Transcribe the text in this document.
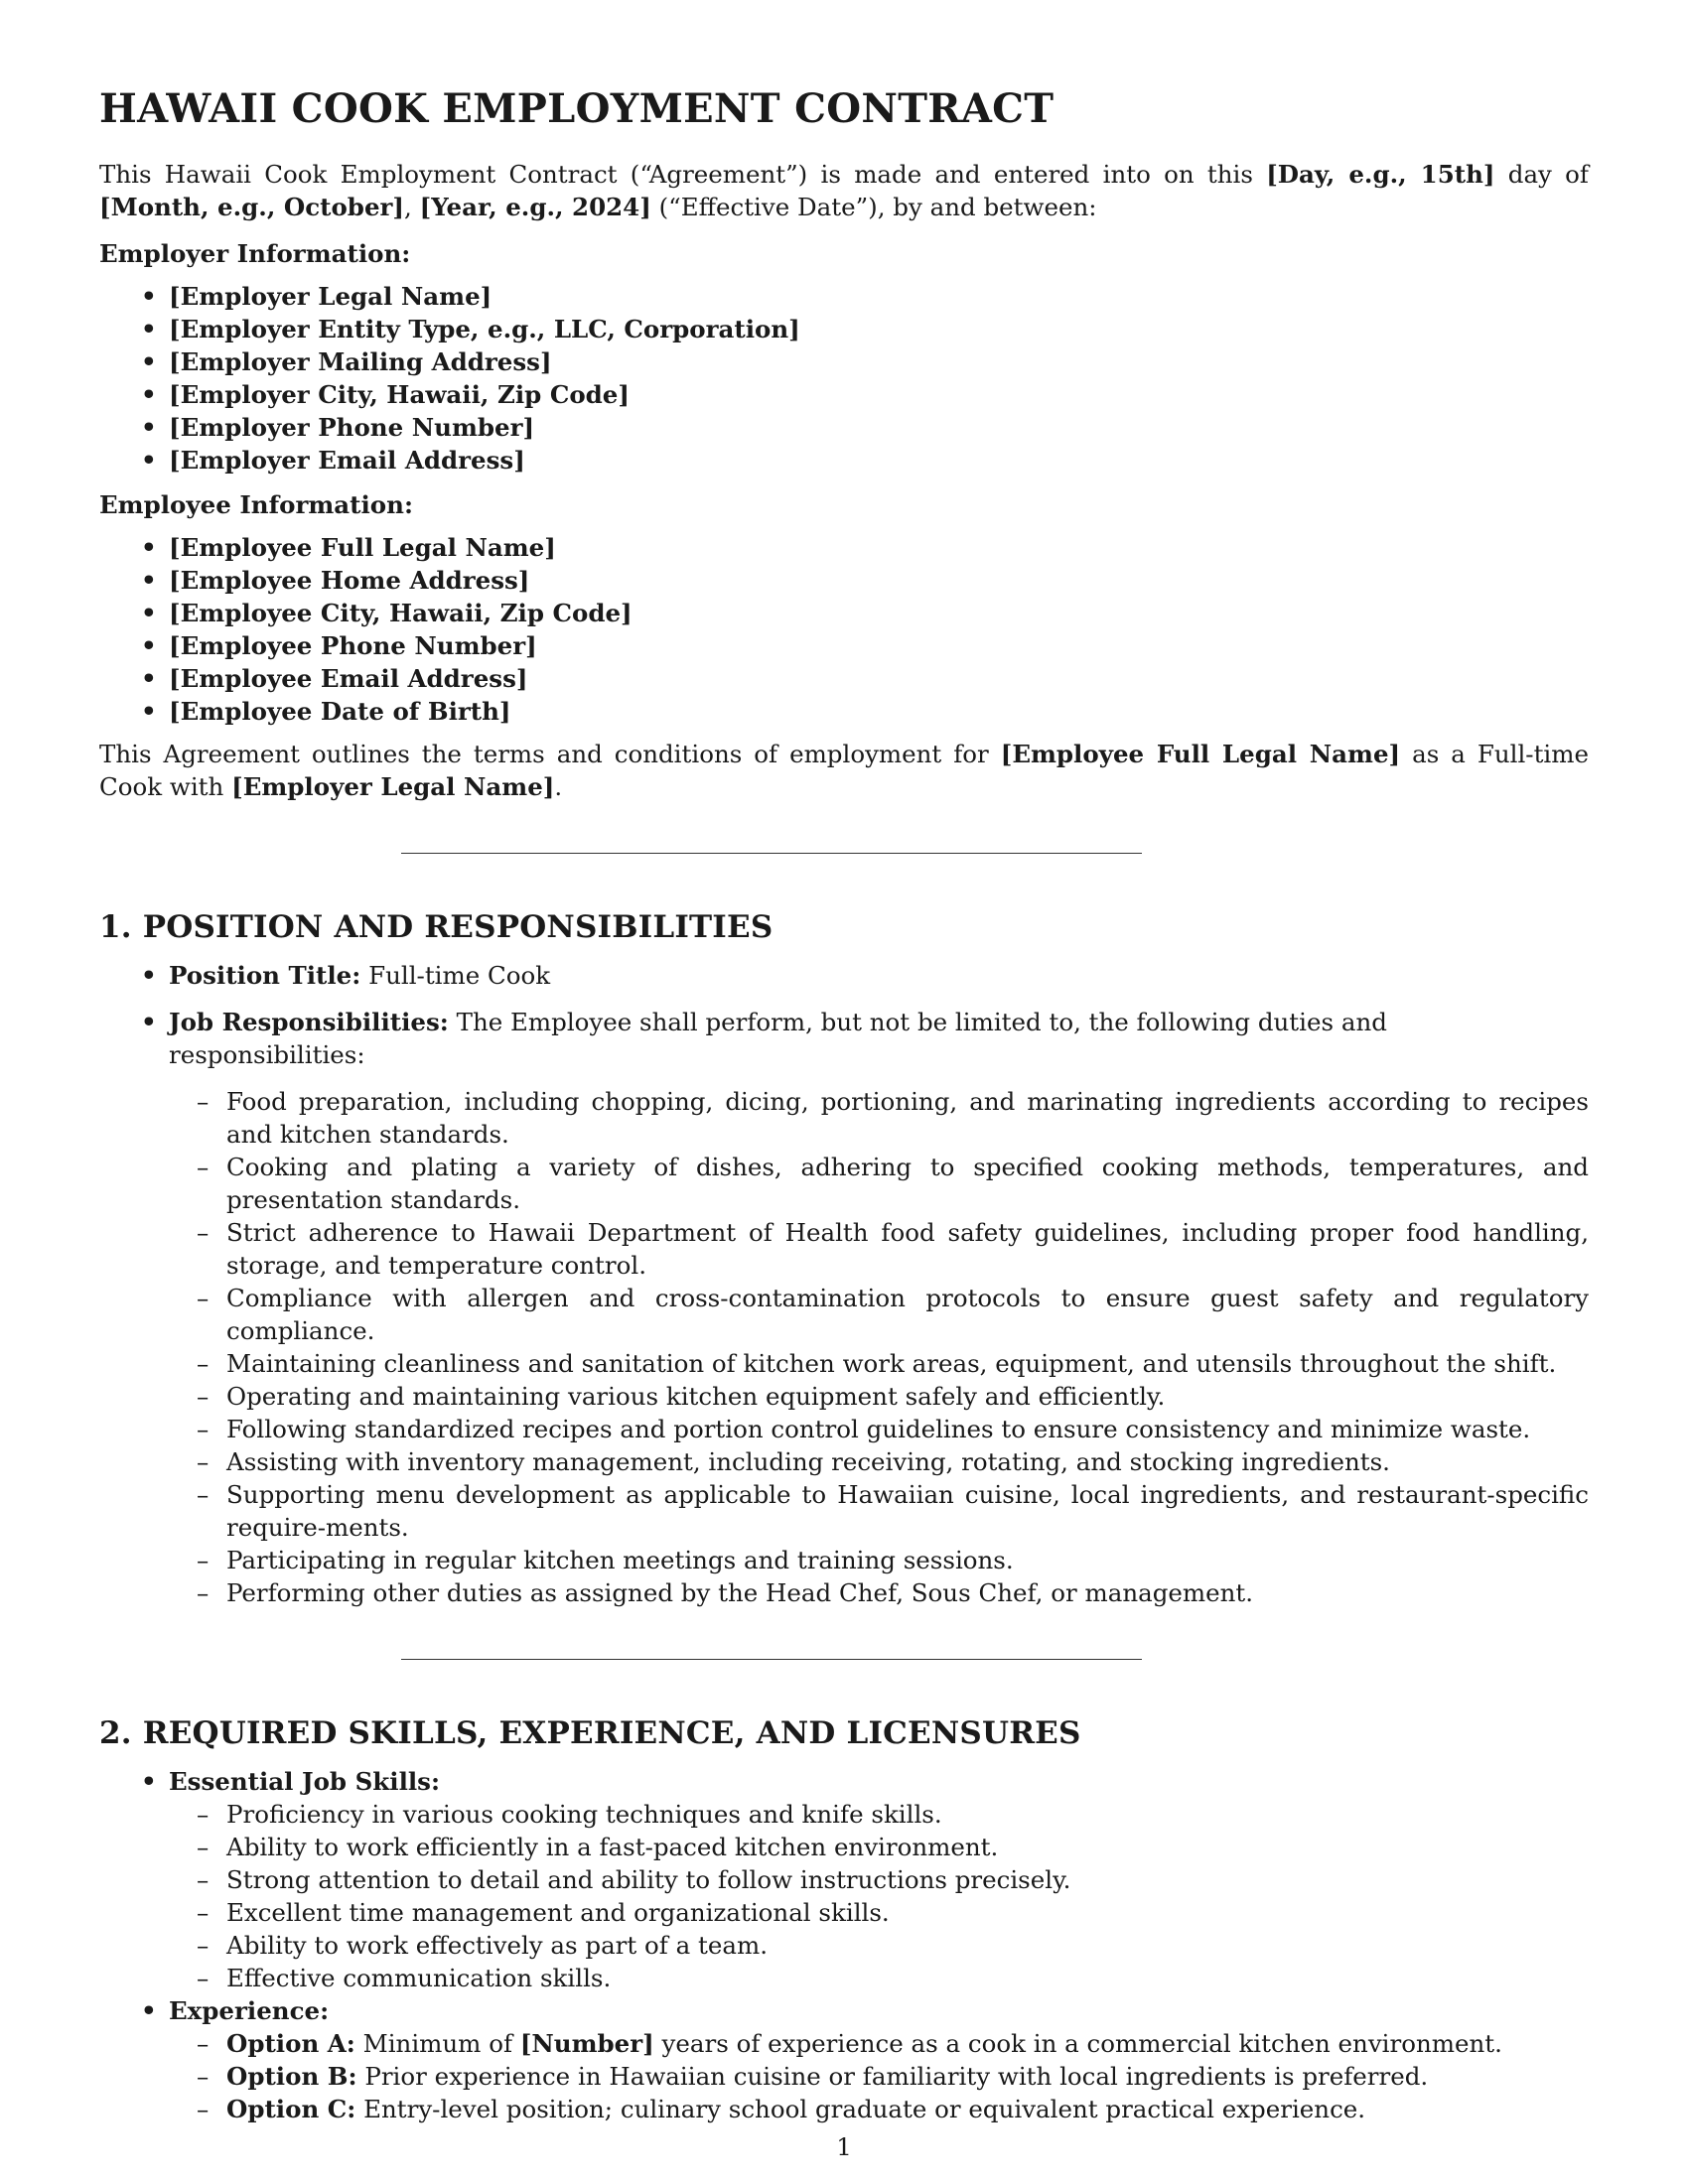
HAWAII COOK EMPLOYMENT CONTRACT

This Hawaii Cook Employment Contract (“Agreement”) is made and entered into on this [Day, e.g., 15th] day of [Month, e.g., October], [Year, e.g., 2024] (“Effective Date”), by and between:

Employer Information:
• [Employer Legal Name]
• [Employer Entity Type, e.g., LLC, Corporation]
• [Employer Mailing Address]
• [Employer City, Hawaii, Zip Code]
• [Employer Phone Number]
• [Employer Email Address]
Employee Information:
• [Employee Full Legal Name]
• [Employee Home Address]
• [Employee City, Hawaii, Zip Code]
• [Employee Phone Number]
• [Employee Email Address]
• [Employee Date of Birth]

This Agreement outlines the terms and conditions of employment for [Employee Full Legal Name] as a Full-time Cook with [Employer Legal Name].

1. POSITION AND RESPONSIBILITIES
• Position Title: Full-time Cook
• Job Responsibilities: The Employee shall perform, but not be limited to, the following duties and responsibilities:
– Food preparation, including chopping, dicing, portioning, and marinating ingredients according to recipes and kitchen standards.
– Cooking and plating a variety of dishes, adhering to specified cooking methods, temperatures, and presentation standards.
– Strict adherence to Hawaii Department of Health food safety guidelines, including proper food handling, storage, and temperature control.
– Compliance with allergen and cross-contamination protocols to ensure guest safety and regulatory compliance.
– Maintaining cleanliness and sanitation of kitchen work areas, equipment, and utensils throughout the shift.
– Operating and maintaining various kitchen equipment safely and efficiently.
– Following standardized recipes and portion control guidelines to ensure consistency and minimize waste.
– Assisting with inventory management, including receiving, rotating, and stocking ingredients.
– Supporting menu development as applicable to Hawaiian cuisine, local ingredients, and restaurant-specific require-ments.
– Participating in regular kitchen meetings and training sessions.
– Performing other duties as assigned by the Head Chef, Sous Chef, or management.
2. REQUIRED SKILLS, EXPERIENCE, AND LICENSURES
• Essential Job Skills:
– Proficiency in various cooking techniques and knife skills.
– Ability to work efficiently in a fast-paced kitchen environment.
– Strong attention to detail and ability to follow instructions precisely.
– Excellent time management and organizational skills.
– Ability to work effectively as part of a team.
– Effective communication skills.
• Experience:
– Option A: Minimum of [Number] years of experience as a cook in a commercial kitchen environment.
– Option B: Prior experience in Hawaiian cuisine or familiarity with local ingredients is preferred.
– Option C: Entry-level position; culinary school graduate or equivalent practical experience.
1
